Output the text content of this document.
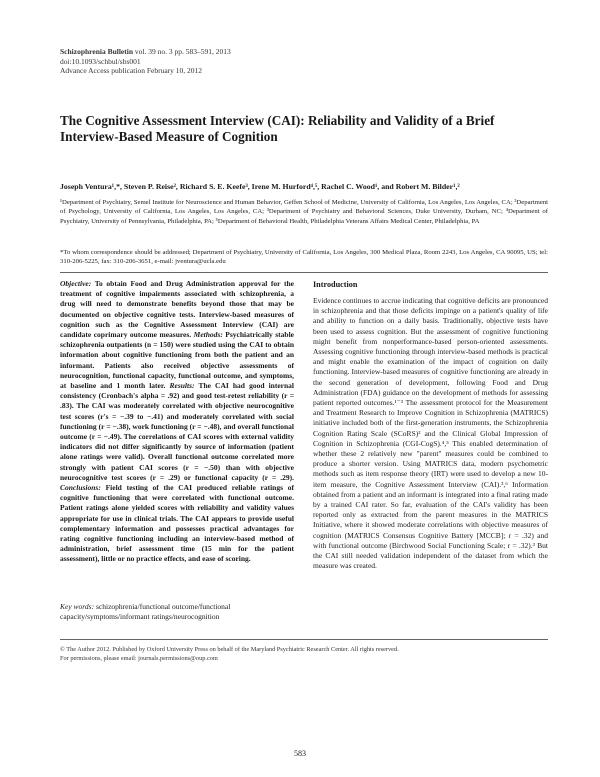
Schizophrenia Bulletin vol. 39 no. 3 pp. 583–591, 2013
doi:10.1093/schbul/sbs001
Advance Access publication February 10, 2012
The Cognitive Assessment Interview (CAI): Reliability and Validity of a Brief Interview-Based Measure of Cognition
Joseph Ventura¹,*, Steven P. Reise², Richard S. E. Keefe³, Irene M. Hurford⁴,⁵, Rachel C. Wood¹, and Robert M. Bilder¹,²
¹Department of Psychiatry, Semel Institute for Neuroscience and Human Behavior, Geffen School of Medicine, University of California, Los Angeles, Los Angeles, CA; ²Department of Psychology, University of California, Los Angeles, Los Angeles, CA; ³Department of Psychiatry and Behavioral Sciences, Duke University, Durham, NC; ⁴Department of Psychiatry, University of Pennsylvania, Philadelphia, PA; ⁵Department of Behavioral Health, Philadelphia Veterans Affairs Medical Center, Philadelphia, PA
*To whom correspondence should be addressed; Department of Psychiatry, University of California, Los Angeles, 300 Medical Plaza, Room 2243, Los Angeles, CA 90095, US; tel: 310-206-5225, fax: 310-206-3651, e-mail: jventura@ucla.edu

Objective: To obtain Food and Drug Administration approval for the treatment of cognitive impairments associated with schizophrenia, a drug will need to demonstrate benefits beyond those that may be documented on objective cognitive tests. Interview-based measures of cognition such as the Cognitive Assessment Interview (CAI) are candidate coprimary outcome measures. Methods: Psychiatrically stable schizophrenia outpatients (n = 150) were studied using the CAI to obtain information about cognitive functioning from both the patient and an informant. Patients also received objective assessments of neurocognition, functional capacity, functional outcome, and symptoms, at baseline and 1 month later. Results: The CAI had good internal consistency (Cronbach's alpha = .92) and good test-retest reliability (r = .83). The CAI was moderately correlated with objective neurocognitive test scores (r's = −.39 to −.41) and moderately correlated with social functioning (r = −.38), work functioning (r = −.48), and overall functional outcome (r = −.49). The correlations of CAI scores with external validity indicators did not differ significantly by source of information (patient alone ratings were valid). Overall functional outcome correlated more strongly with patient CAI scores (r = −.50) than with objective neurocognitive test scores (r = .29) or functional capacity (r = .29). Conclusions: Field testing of the CAI produced reliable ratings of cognitive functioning that were correlated with functional outcome. Patient ratings alone yielded scores with reliability and validity values appropriate for use in clinical trials. The CAI appears to provide useful complementary information and possesses practical advantages for rating cognitive functioning including an interview-based method of administration, brief assessment time (15 min for the patient assessment), little or no practice effects, and ease of scoring.

Key words: schizophrenia/functional outcome/functional capacity/symptoms/informant ratings/neurocognition
Introduction

Evidence continues to accrue indicating that cognitive deficits are pronounced in schizophrenia and that those deficits impinge on a patient's quality of life and ability to function on a daily basis. Traditionally, objective tests have been used to assess cognition. But the assessment of cognitive functioning might benefit from nonperformance-based person-oriented assessments. Assessing cognitive functioning through interview-based methods is practical and might enable the examination of the impact of cognition on daily functioning. Interview-based measures of cognitive functioning are already in the second generation of development, following Food and Drug Administration (FDA) guidance on the development of methods for assessing patient reported outcomes.¹⁻³ The assessment protocol for the Measurement and Treatment Research to Improve Cognition in Schizophrenia (MATRICS) initiative included both of the first-generation instruments, the Schizophrenia Cognition Rating Scale (SCoRS)² and the Clinical Global Impression of Cognition in Schizophrenia (CGI-CogS).⁴,⁵ This enabled determination of whether these 2 relatively new "parent" measures could be combined to produce a shorter version. Using MATRICS data, modern psychometric methods such as item response theory (IRT) were used to develop a new 10-item measure, the Cognitive Assessment Interview (CAI).³,⁶ Information obtained from a patient and an informant is integrated into a final rating made by a trained CAI rater. So far, evaluation of the CAI's validity has been reported only as extracted from the parent measures in the MATRICS Initiative, where it showed moderate correlations with objective measures of cognition (MATRICS Consensus Cognitive Battery [MCCB]; r = .32) and with functional outcome (Birchwood Social Functioning Scale; r = .32).³ But the CAI still needed validation independent of the dataset from which the measure was created.

© The Author 2012. Published by Oxford University Press on behalf of the Maryland Psychiatric Research Center. All rights reserved.
For permissions, please email: journals.permissions@oup.com
583
